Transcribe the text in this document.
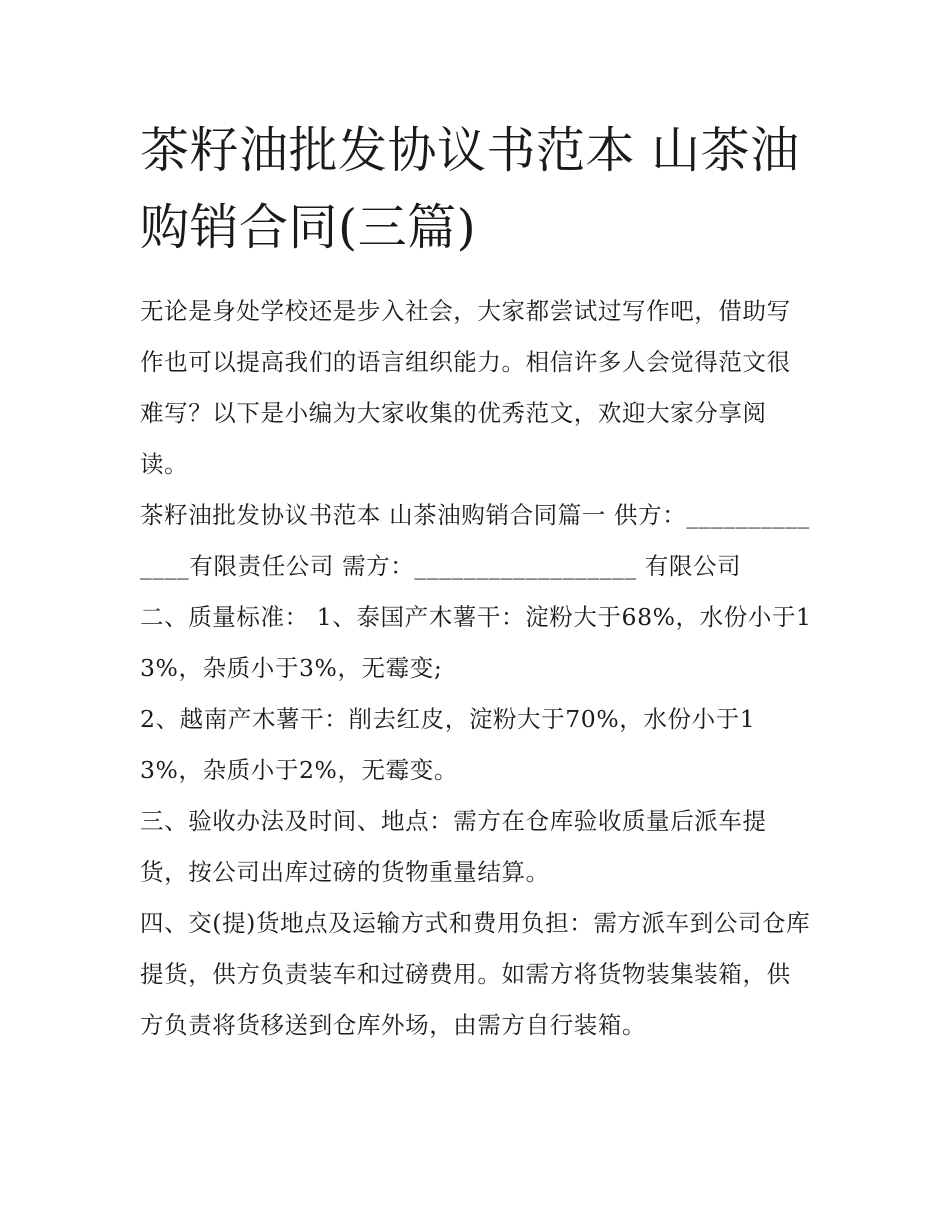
茶籽油批发协议书范本 山茶油购销合同(三篇)

无论是身处学校还是步入社会，大家都尝试过写作吧，借助写作也可以提高我们的语言组织能力。相信许多人会觉得范文很难写？以下是小编为大家收集的优秀范文，欢迎大家分享阅读。

茶籽油批发协议书范本 山茶油购销合同篇一 供方：______________有限责任公司 需方：__________________ 有限公司

二、质量标准： 1、泰国产木薯干：淀粉大于68%，水份小于13%，杂质小于3%，无霉变;

2、越南产木薯干：削去红皮，淀粉大于70%，水份小于13%，杂质小于2%，无霉变。

三、验收办法及时间、地点：需方在仓库验收质量后派车提货，按公司出库过磅的货物重量结算。

四、交(提)货地点及运输方式和费用负担：需方派车到公司仓库提货，供方负责装车和过磅费用。如需方将货物装集装箱，供方负责将货移送到仓库外场，由需方自行装箱。
